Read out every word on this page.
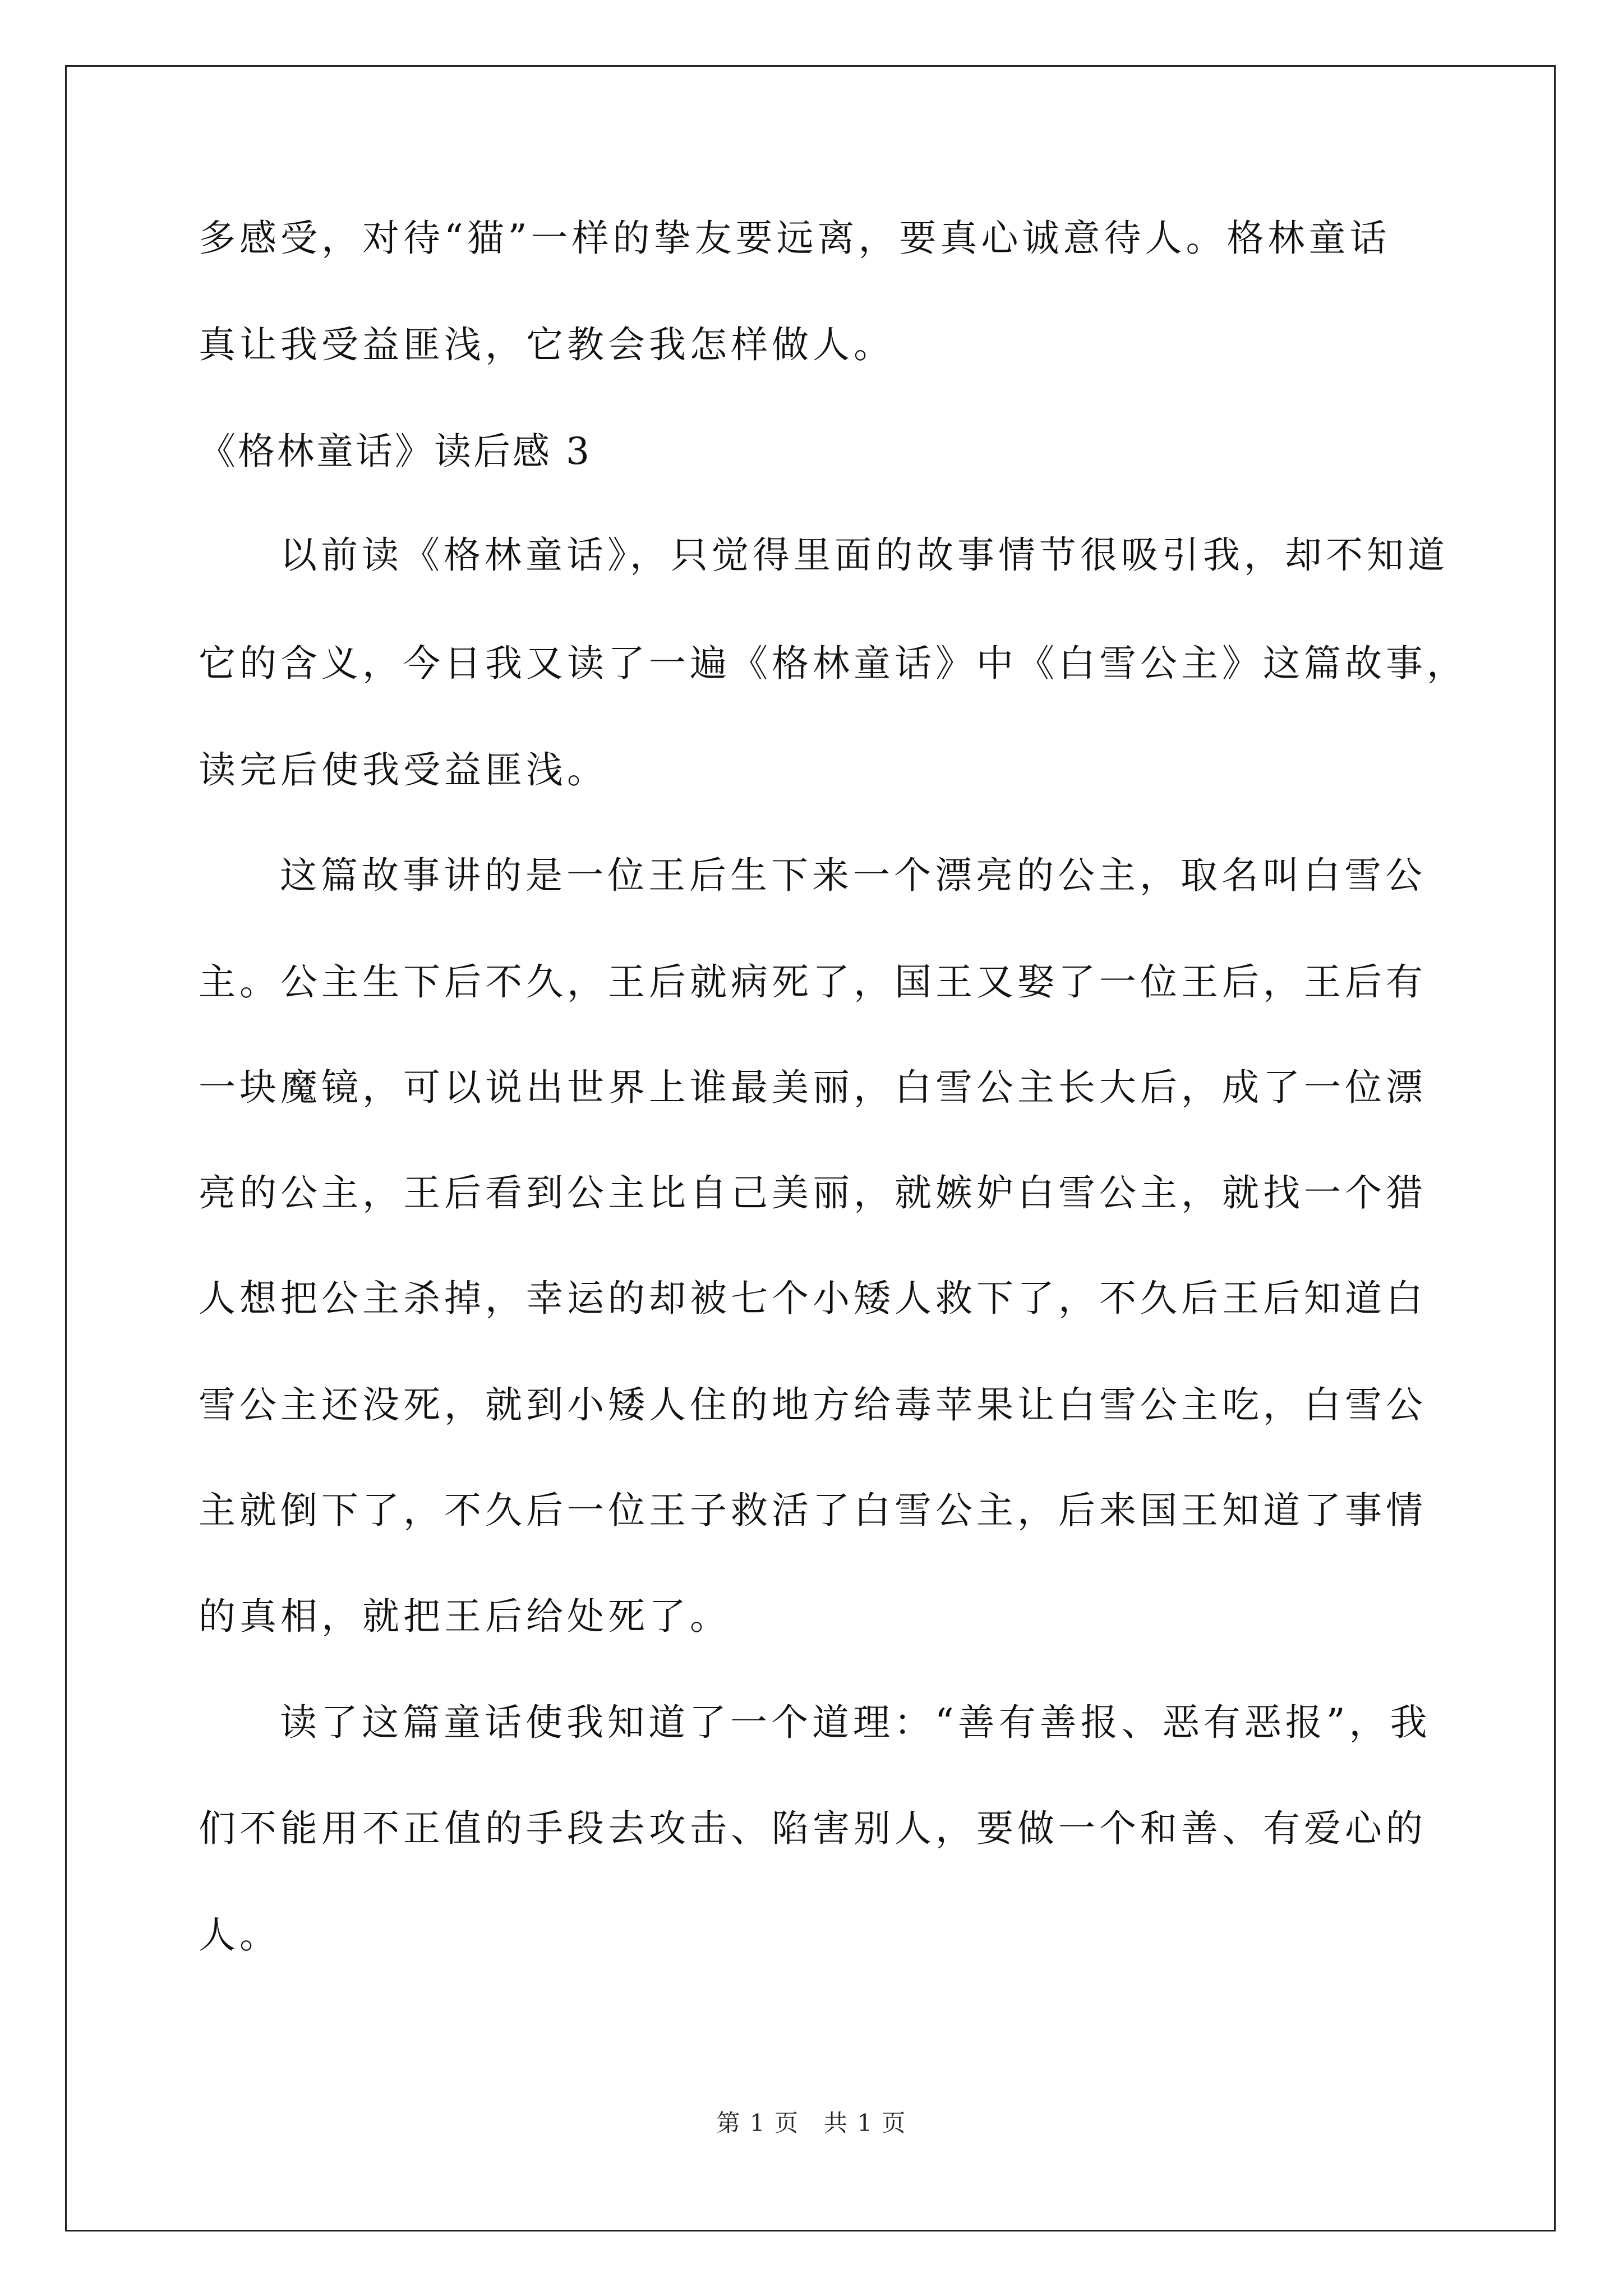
多感受，对待“猫”一样的挚友要远离，要真心诚意待人。格林童话
真让我受益匪浅，它教会我怎样做人。
《格林童话》读后感 3
以前读《格林童话》，只觉得里面的故事情节很吸引我，却不知道
它的含义，今日我又读了一遍《格林童话》中《白雪公主》这篇故事，
读完后使我受益匪浅。
这篇故事讲的是一位王后生下来一个漂亮的公主，取名叫白雪公
主。公主生下后不久，王后就病死了，国王又娶了一位王后，王后有
一块魔镜，可以说出世界上谁最美丽，白雪公主长大后，成了一位漂
亮的公主，王后看到公主比自己美丽，就嫉妒白雪公主，就找一个猎
人想把公主杀掉，幸运的却被七个小矮人救下了，不久后王后知道白
雪公主还没死，就到小矮人住的地方给毒苹果让白雪公主吃，白雪公
主就倒下了，不久后一位王子救活了白雪公主，后来国王知道了事情
的真相，就把王后给处死了。
读了这篇童话使我知道了一个道理：“善有善报、恶有恶报”，我
们不能用不正值的手段去攻击、陷害别人，要做一个和善、有爱心的
人。
第 1 页　共 1 页
